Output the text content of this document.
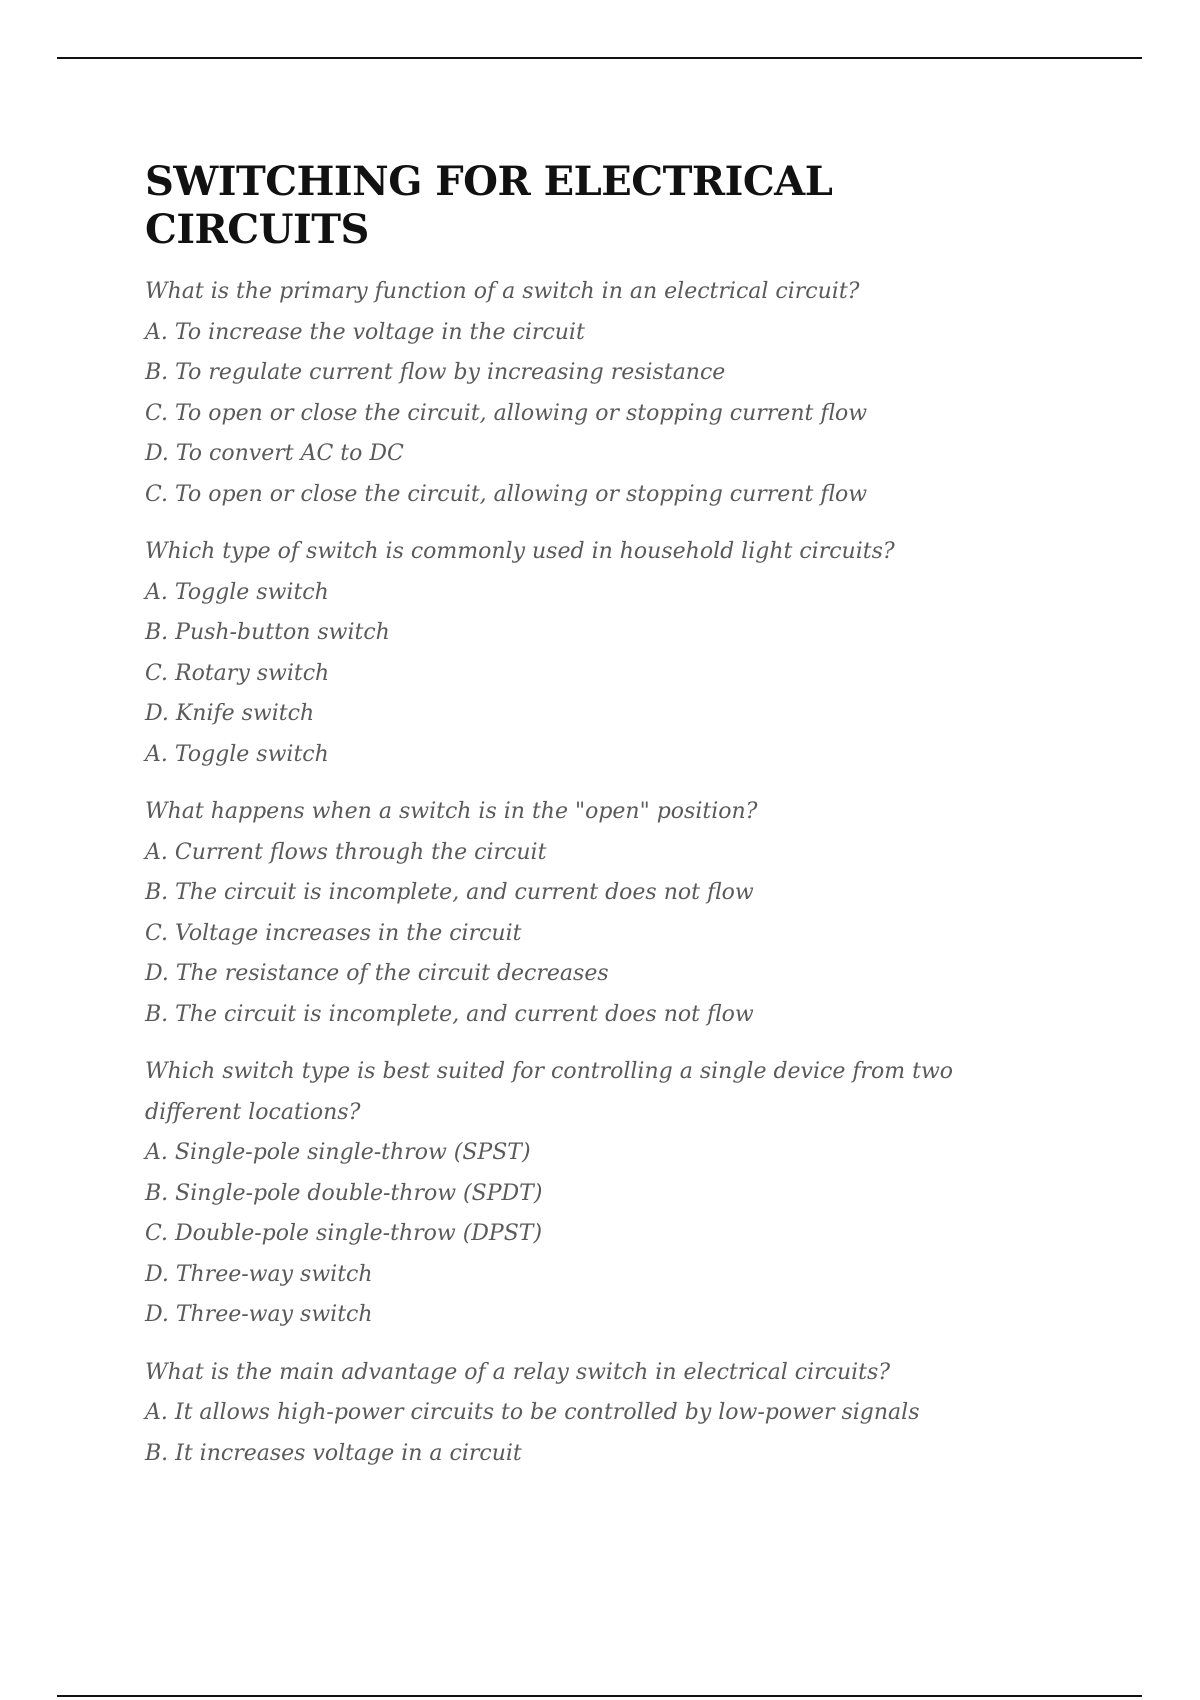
SWITCHING FOR ELECTRICAL CIRCUITS
What is the primary function of a switch in an electrical circuit?
A. To increase the voltage in the circuit
B. To regulate current flow by increasing resistance
C. To open or close the circuit, allowing or stopping current flow
D. To convert AC to DC
C. To open or close the circuit, allowing or stopping current flow
Which type of switch is commonly used in household light circuits?
A. Toggle switch
B. Push-button switch
C. Rotary switch
D. Knife switch
A. Toggle switch
What happens when a switch is in the "open" position?
A. Current flows through the circuit
B. The circuit is incomplete, and current does not flow
C. Voltage increases in the circuit
D. The resistance of the circuit decreases
B. The circuit is incomplete, and current does not flow
Which switch type is best suited for controlling a single device from two different locations?
A. Single-pole single-throw (SPST)
B. Single-pole double-throw (SPDT)
C. Double-pole single-throw (DPST)
D. Three-way switch
D. Three-way switch
What is the main advantage of a relay switch in electrical circuits?
A. It allows high-power circuits to be controlled by low-power signals
B. It increases voltage in a circuit
